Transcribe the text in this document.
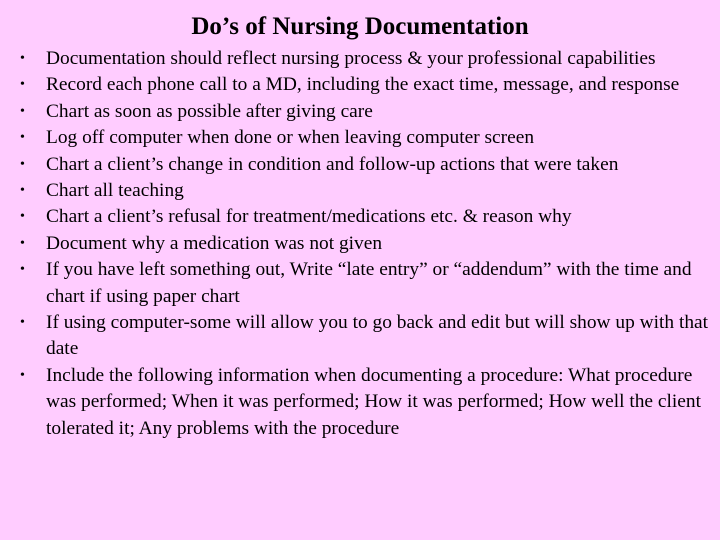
Do’s of Nursing Documentation
•	Documentation should reflect nursing process & your professional capabilities
•	Record each phone call to a MD, including the exact time, message, and response
•	Chart as soon as possible after giving care
•	Log off computer when done or when leaving computer screen
•	Chart a client’s change in condition and follow-up actions that were taken
•	Chart all teaching
•	Chart a client’s refusal for treatment/medications etc. & reason why
•	Document why a medication was not given
•	If you have left something out, Write “late entry” or “addendum” with the time and chart if using paper chart
•	If using computer-some will allow you to go back and edit but will show up with that date
•	Include the following information when documenting a procedure: What procedure was performed; When it was performed; How it was performed; How well the client tolerated it; Any problems with the procedure
